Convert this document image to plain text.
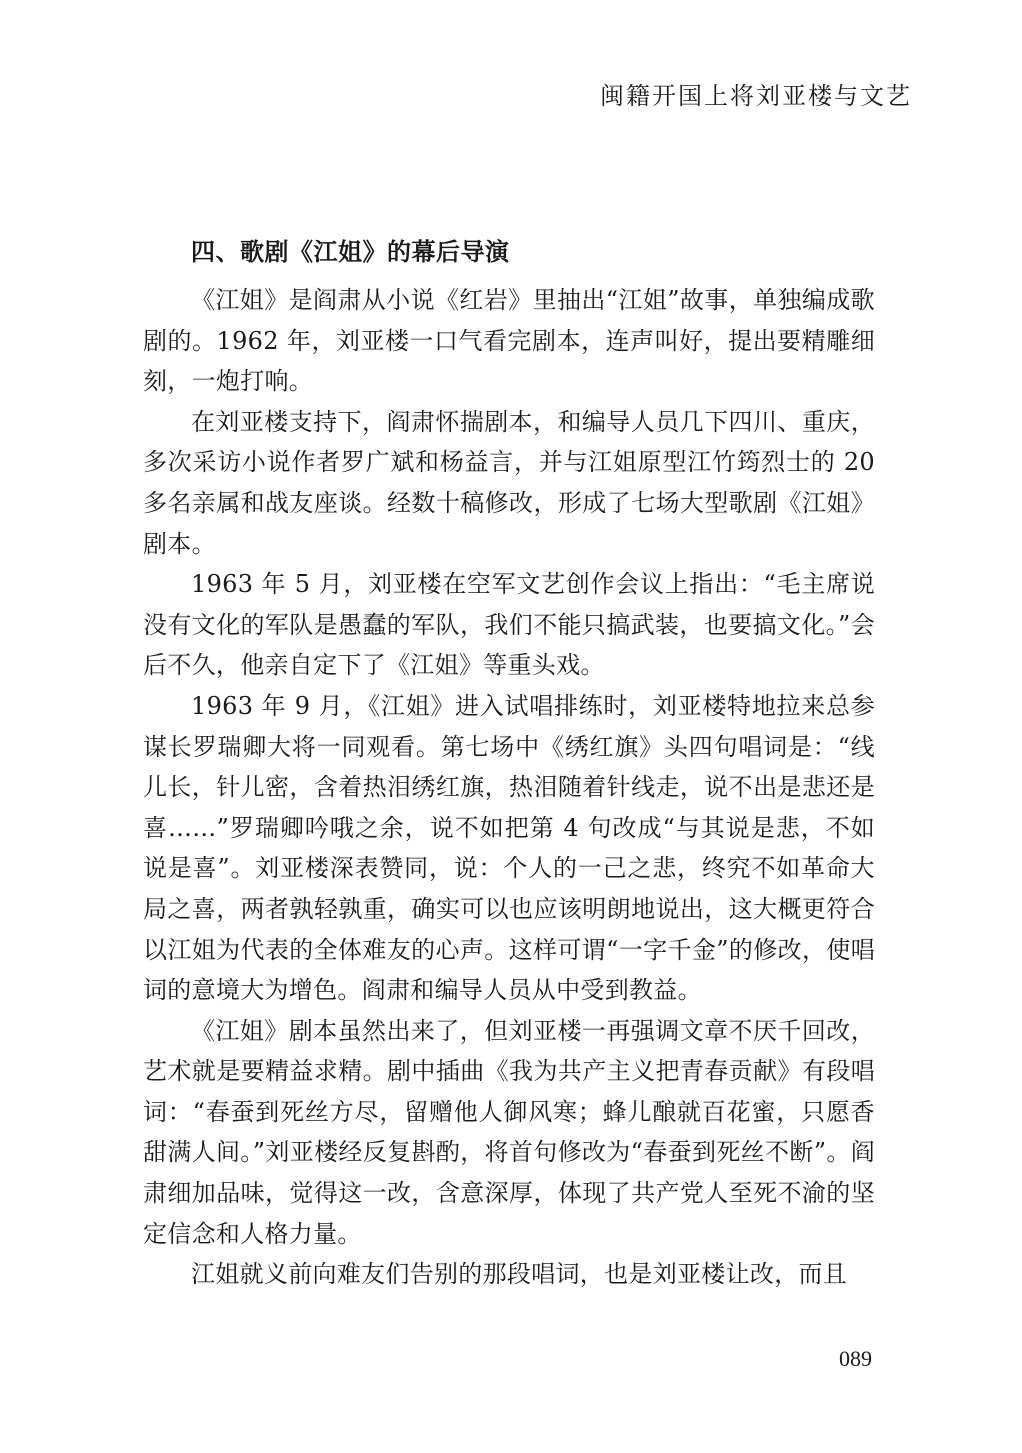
闽籍开国上将刘亚楼与文艺
四、歌剧《江姐》的幕后导演

《江姐》是阎肃从小说《红岩》里抽出“江姐”故事，单独编成歌剧的。1962 年，刘亚楼一口气看完剧本，连声叫好，提出要精雕细刻，一炮打响。

在刘亚楼支持下，阎肃怀揣剧本，和编导人员几下四川、重庆，多次采访小说作者罗广斌和杨益言，并与江姐原型江竹筠烈士的 20 多名亲属和战友座谈。经数十稿修改，形成了七场大型歌剧《江姐》剧本。

1963 年 5 月，刘亚楼在空军文艺创作会议上指出：“毛主席说没有文化的军队是愚蠢的军队，我们不能只搞武装，也要搞文化。”会后不久，他亲自定下了《江姐》等重头戏。

1963 年 9 月，《江姐》进入试唱排练时，刘亚楼特地拉来总参谋长罗瑞卿大将一同观看。第七场中《绣红旗》头四句唱词是：“线儿长，针儿密，含着热泪绣红旗，热泪随着针线走，说不出是悲还是喜……”罗瑞卿吟哦之余，说不如把第 4 句改成“与其说是悲，不如说是喜”。刘亚楼深表赞同，说：个人的一己之悲，终究不如革命大局之喜，两者孰轻孰重，确实可以也应该明朗地说出，这大概更符合以江姐为代表的全体难友的心声。这样可谓“一字千金”的修改，使唱词的意境大为增色。阎肃和编导人员从中受到教益。

《江姐》剧本虽然出来了，但刘亚楼一再强调文章不厌千回改，艺术就是要精益求精。剧中插曲《我为共产主义把青春贡献》有段唱词：“春蚕到死丝方尽，留赠他人御风寒；蜂儿酿就百花蜜，只愿香甜满人间。”刘亚楼经反复斟酌，将首句修改为“春蚕到死丝不断”。阎肃细加品味，觉得这一改，含意深厚，体现了共产党人至死不渝的坚定信念和人格力量。

江姐就义前向难友们告别的那段唱词，也是刘亚楼让改，而且

089
